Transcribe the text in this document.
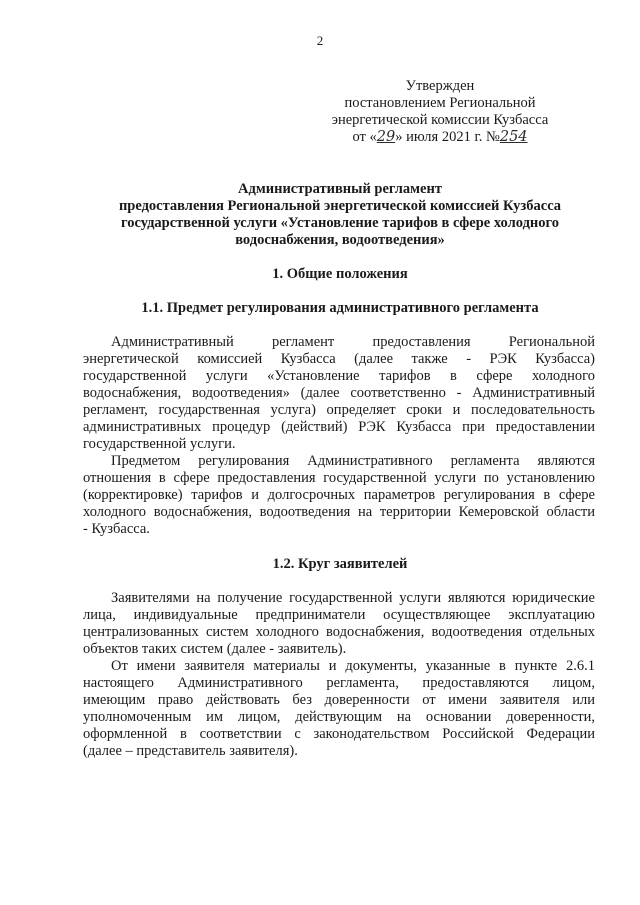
2
Утвержден
постановлением Региональной
энергетической комиссии Кузбасса
от «29» июля 2021 г. №254
Административный регламент
предоставления Региональной энергетической комиссией Кузбасса
государственной услуги «Установление тарифов в сфере холодного
водоснабжения, водоотведения»
1. Общие положения
1.1. Предмет регулирования административного регламента
Административный регламент предоставления Региональной
энергетической комиссией Кузбасса (далее также - РЭК Кузбасса)
государственной услуги «Установление тарифов в сфере холодного
водоснабжения, водоотведения» (далее соответственно - Административный
регламент, государственная услуга) определяет сроки и последовательность
административных процедур (действий) РЭК Кузбасса при предоставлении
государственной услуги.
Предметом регулирования Административного регламента являются
отношения в сфере предоставления государственной услуги по установлению
(корректировке) тарифов и долгосрочных параметров регулирования в сфере
холодного водоснабжения, водоотведения на территории Кемеровской области
- Кузбасса.
1.2. Круг заявителей
Заявителями на получение государственной услуги являются юридические
лица, индивидуальные предприниматели осуществляющее эксплуатацию
централизованных систем холодного водоснабжения, водоотведения отдельных
объектов таких систем (далее - заявитель).
От имени заявителя материалы и документы, указанные в пункте 2.6.1
настоящего Административного регламента, предоставляются лицом,
имеющим право действовать без доверенности от имени заявителя или
уполномоченным им лицом, действующим на основании доверенности,
оформленной в соответствии с законодательством Российской Федерации
(далее – представитель заявителя).
